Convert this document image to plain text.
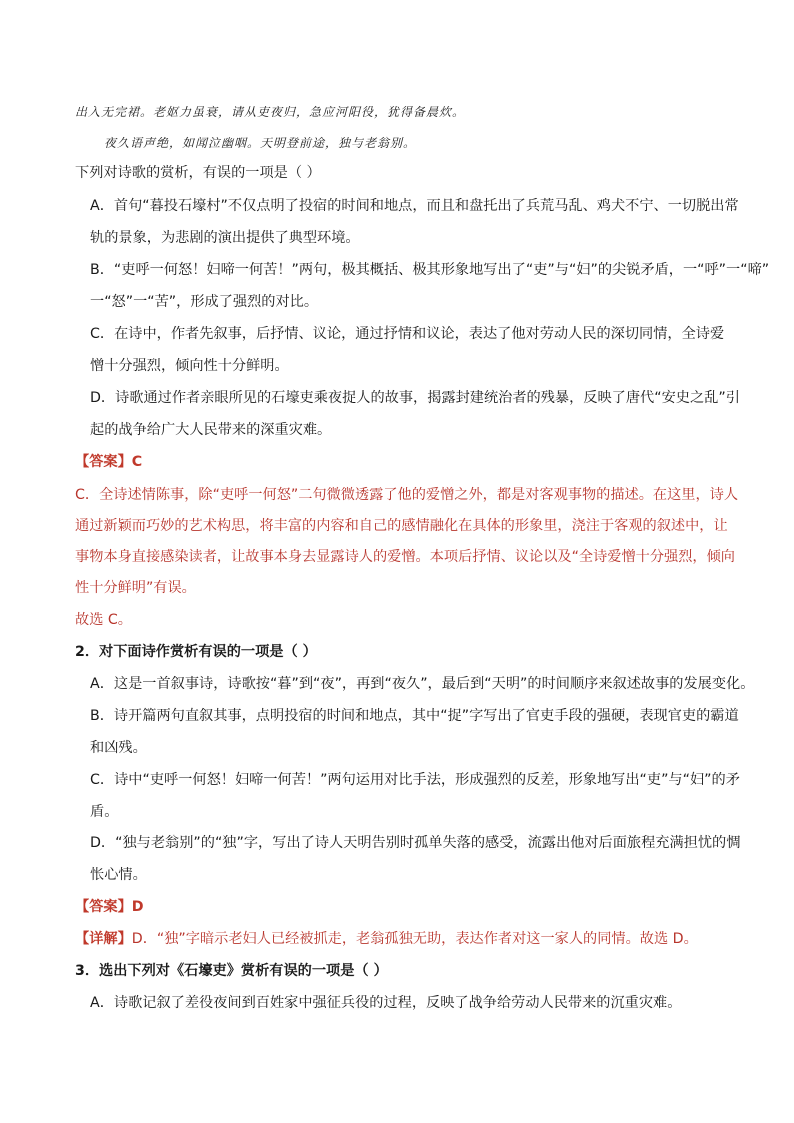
出入无完裙。老妪力虽衰，请从吏夜归，急应河阳役，犹得备晨炊。
夜久语声绝，如闻泣幽咽。天明登前途，独与老翁别。
下列对诗歌的赏析，有误的一项是（ ）
A．首句“暮投石壕村”不仅点明了投宿的时间和地点，而且和盘托出了兵荒马乱、鸡犬不宁、一切脱出常
轨的景象，为悲剧的演出提供了典型环境。
B．“吏呼一何怒！妇啼一何苦！”两句，极其概括、极其形象地写出了“吏”与“妇”的尖锐矛盾，一“呼”一“啼”
一“怒”一“苦”，形成了强烈的对比。
C．在诗中，作者先叙事，后抒情、议论，通过抒情和议论，表达了他对劳动人民的深切同情，全诗爱
憎十分强烈，倾向性十分鲜明。
D．诗歌通过作者亲眼所见的石壕吏乘夜捉人的故事，揭露封建统治者的残暴，反映了唐代“安史之乱”引
起的战争给广大人民带来的深重灾难。
【答案】C
C．全诗述情陈事，除“吏呼一何怒”二句微微透露了他的爱憎之外，都是对客观事物的描述。在这里，诗人
通过新颖而巧妙的艺术构思，将丰富的内容和自己的感情融化在具体的形象里，浇注于客观的叙述中，让
事物本身直接感染读者，让故事本身去显露诗人的爱憎。本项后抒情、议论以及“全诗爱憎十分强烈，倾向
性十分鲜明”有误。
故选 C。
2．对下面诗作赏析有误的一项是（ ）
A．这是一首叙事诗，诗歌按“暮”到“夜”，再到“夜久”，最后到“天明”的时间顺序来叙述故事的发展变化。
B．诗开篇两句直叙其事，点明投宿的时间和地点，其中“捉”字写出了官吏手段的强硬，表现官吏的霸道
和凶残。
C．诗中“吏呼一何怒！妇啼一何苦！”两句运用对比手法，形成强烈的反差，形象地写出“吏”与“妇”的矛
盾。
D．“独与老翁别”的“独”字，写出了诗人天明告别时孤单失落的感受，流露出他对后面旅程充满担忧的惆
怅心情。
【答案】D
【详解】D．“独”字暗示老妇人已经被抓走，老翁孤独无助，表达作者对这一家人的同情。故选 D。
3．选出下列对《石壕吏》赏析有误的一项是（ ）
A．诗歌记叙了差役夜间到百姓家中强征兵役的过程，反映了战争给劳动人民带来的沉重灾难。
